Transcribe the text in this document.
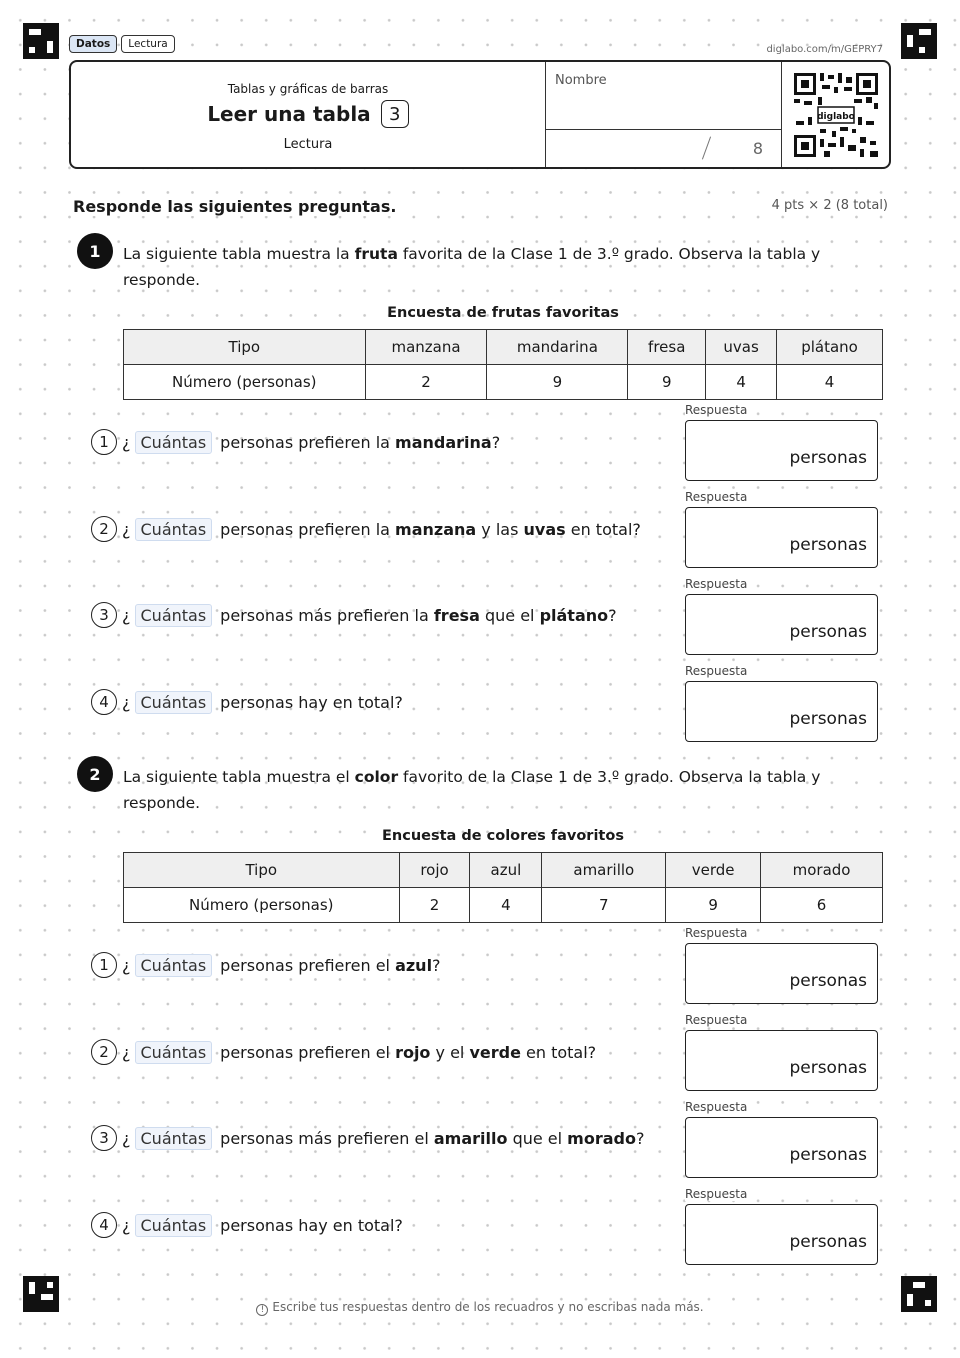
Datos	Lectura	diglabo.com/m/GEPRY7
Tablas y gráficas de barras
Leer una tabla	3
Lectura
Nombre
8
diglabo
Responde las siguientes preguntas.	4 pts × 2 (8 total)
1	La siguiente tabla muestra la fruta favorita de la Clase 1 de 3.º grado. Observa la tabla y responde.
Encuesta de frutas favoritas
Tipo	manzana	mandarina	fresa	uvas	plátano
Número (personas)	2	9	9	4	4
1 ¿ Cuántas personas prefieren la mandarina?
2 ¿ Cuántas personas prefieren la manzana y las uvas en total?
3 ¿ Cuántas personas más prefieren la fresa que el plátano?
4 ¿ Cuántas personas hay en total?
Respuesta
personas
Respuesta
personas
Respuesta
personas
Respuesta
personas
2	La siguiente tabla muestra el color favorito de la Clase 1 de 3.º grado. Observa la tabla y responde.
Encuesta de colores favoritos
Tipo	rojo	azul	amarillo	verde	morado
Número (personas)	2	4	7	9	6
1 ¿ Cuántas personas prefieren el azul?
2 ¿ Cuántas personas prefieren el rojo y el verde en total?
3 ¿ Cuántas personas más prefieren el amarillo que el morado?
4 ¿ Cuántas personas hay en total?
Respuesta
personas
Respuesta
personas
Respuesta
personas
Respuesta
personas
! Escribe tus respuestas dentro de los recuadros y no escribas nada más.
